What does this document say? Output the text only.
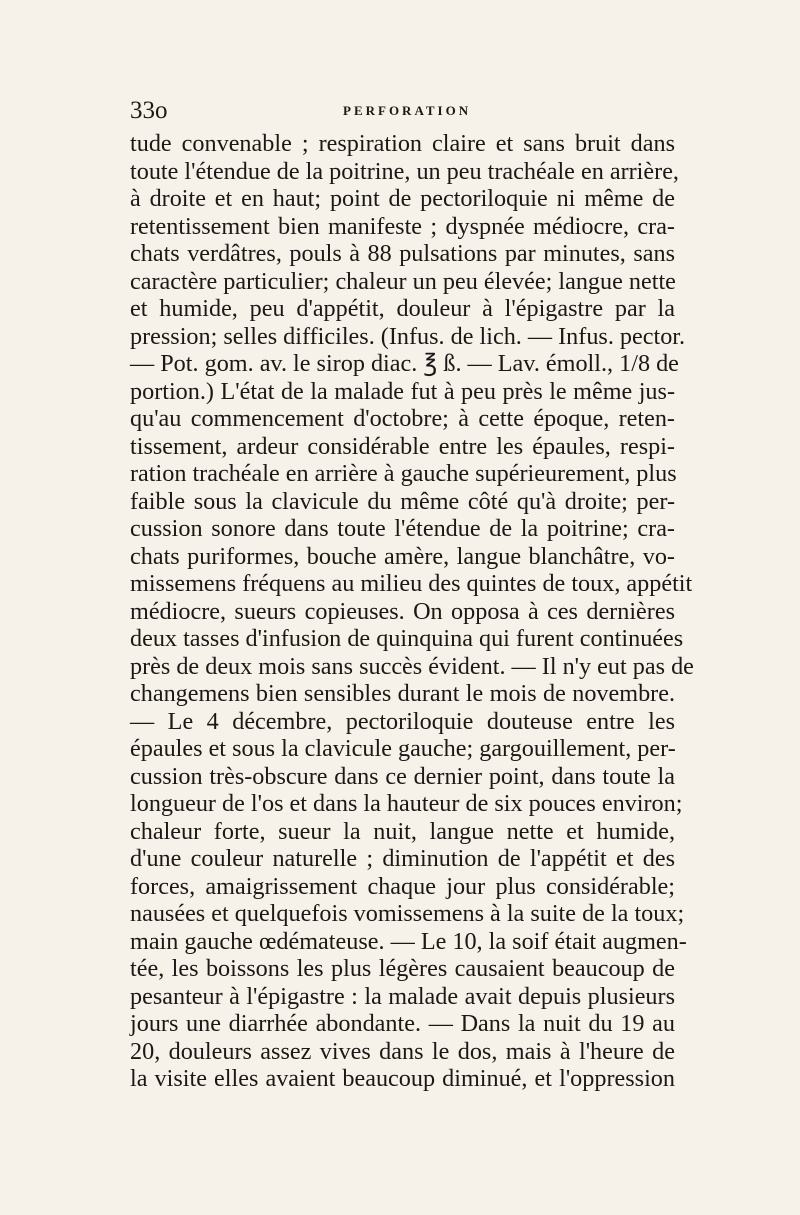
33o	PERFORATION
tude convenable ; respiration claire et sans bruit dans
toute l'étendue de la poitrine, un peu trachéale en arrière,
à droite et en haut; point de pectoriloquie ni même de
retentissement bien manifeste ; dyspnée médiocre, cra-
chats verdâtres, pouls à 88 pulsations par minutes, sans
caractère particulier; chaleur un peu élevée; langue nette
et humide, peu d'appétit, douleur à l'épigastre par la
pression; selles difficiles. (Infus. de lich. — Infus. pector.
— Pot. gom. av. le sirop diac. ℥ ß. — Lav. émoll., 1/8 de
portion.) L'état de la malade fut à peu près le même jus-
qu'au commencement d'octobre; à cette époque, reten-
tissement, ardeur considérable entre les épaules, respi-
ration trachéale en arrière à gauche supérieurement, plus
faible sous la clavicule du même côté qu'à droite; per-
cussion sonore dans toute l'étendue de la poitrine; cra-
chats puriformes, bouche amère, langue blanchâtre, vo-
missemens fréquens au milieu des quintes de toux, appétit
médiocre, sueurs copieuses. On opposa à ces dernières
deux tasses d'infusion de quinquina qui furent continuées
près de deux mois sans succès évident. — Il n'y eut pas de
changemens bien sensibles durant le mois de novembre.
— Le 4 décembre, pectoriloquie douteuse entre les
épaules et sous la clavicule gauche; gargouillement, per-
cussion très-obscure dans ce dernier point, dans toute la
longueur de l'os et dans la hauteur de six pouces environ;
chaleur forte, sueur la nuit, langue nette et humide,
d'une couleur naturelle ; diminution de l'appétit et des
forces, amaigrissement chaque jour plus considérable;
nausées et quelquefois vomissemens à la suite de la toux;
main gauche œdémateuse. — Le 10, la soif était augmen-
tée, les boissons les plus légères causaient beaucoup de
pesanteur à l'épigastre : la malade avait depuis plusieurs
jours une diarrhée abondante. — Dans la nuit du 19 au
20, douleurs assez vives dans le dos, mais à l'heure de
la visite elles avaient beaucoup diminué, et l'oppression
